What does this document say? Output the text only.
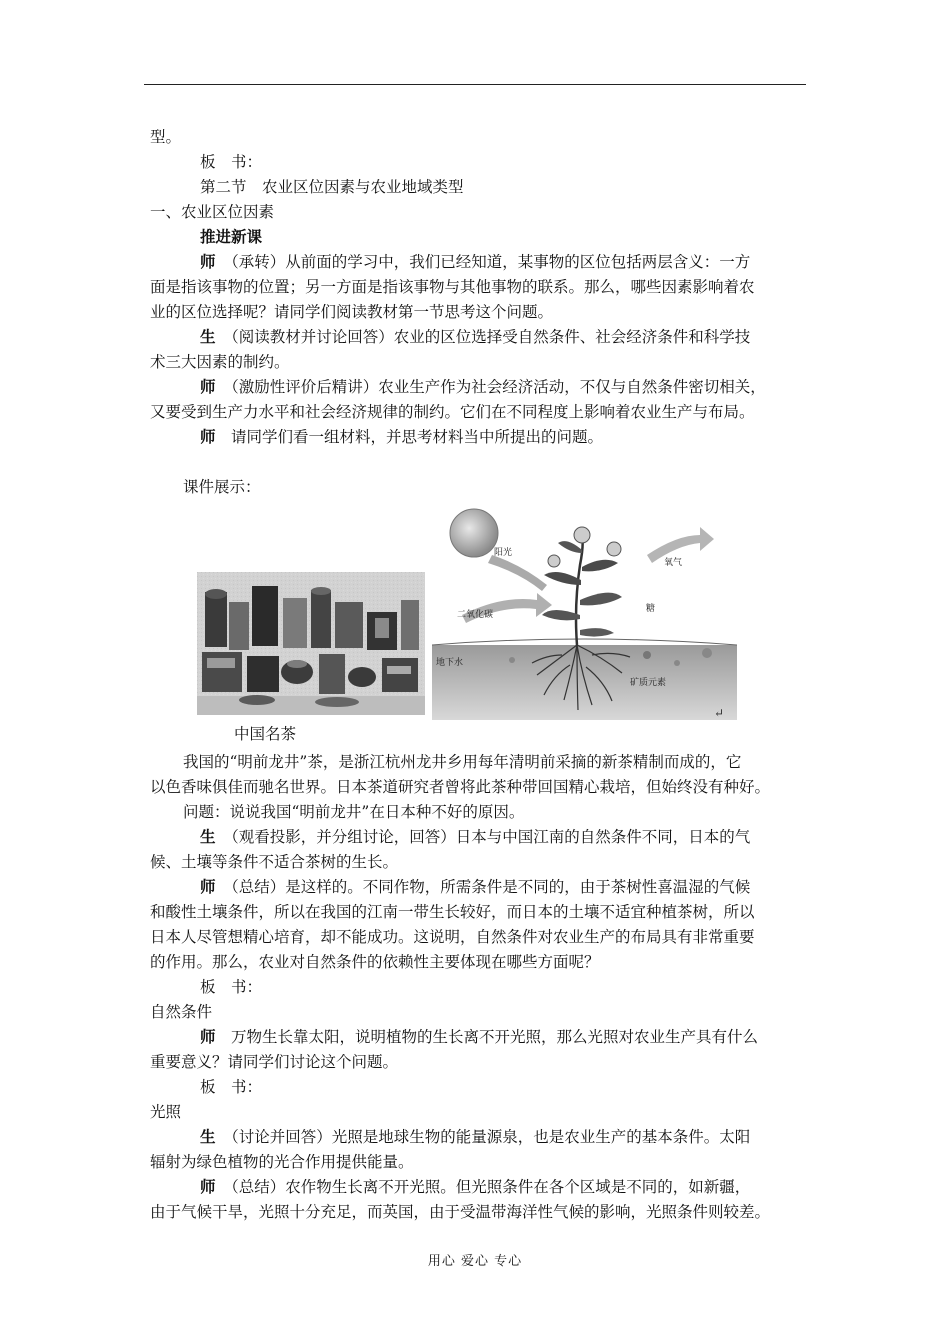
型。
板　书：
第二节　农业区位因素与农业地域类型
一、农业区位因素
推进新课
师　 （承转）从前面的学习中，我们已经知道，某事物的区位包括两层含义：一方
面是指该事物的位置；另一方面是指该事物与其他事物的联系。那么，哪些因素影响着农
业的区位选择呢？请同学们阅读教材第一节思考这个问题。
生　 （阅读教材并讨论回答）农业的区位选择受自然条件、社会经济条件和科学技
术三大因素的制约。
师　 （激励性评价后精讲）农业生产作为社会经济活动，不仅与自然条件密切相关，
又要受到生产力水平和社会经济规律的制约。它们在不同程度上影响着农业生产与布局。
师　 请同学们看一组材料，并思考材料当中所提出的问题。
课件展示：
阳光
氧气
二氧化碳
糖
地下水
矿质元素
中国名茶
↵
我国的“明前龙井”茶，是浙江杭州龙井乡用每年清明前采摘的新茶精制而成的，它
以色香味俱佳而驰名世界。日本茶道研究者曾将此茶种带回国精心栽培，但始终没有种好。
问题：说说我国“明前龙井”在日本种不好的原因。
生　 （观看投影，并分组讨论，回答）日本与中国江南的自然条件不同，日本的气
候、土壤等条件不适合茶树的生长。
师　 （总结）是这样的。不同作物，所需条件是不同的，由于茶树性喜温湿的气候
和酸性土壤条件，所以在我国的江南一带生长较好，而日本的土壤不适宜种植茶树，所以
日本人尽管想精心培育，却不能成功。这说明，自然条件对农业生产的布局具有非常重要
的作用。那么，农业对自然条件的依赖性主要体现在哪些方面呢？
板　书：
自然条件
师　 万物生长靠太阳，说明植物的生长离不开光照，那么光照对农业生产具有什么
重要意义？请同学们讨论这个问题。
板　书：
光照
生　 （讨论并回答）光照是地球生物的能量源泉，也是农业生产的基本条件。太阳
辐射为绿色植物的光合作用提供能量。
师　 （总结）农作物生长离不开光照。但光照条件在各个区域是不同的，如新疆，
由于气候干旱，光照十分充足，而英国，由于受温带海洋性气候的影响，光照条件则较差。
用心 爱心 专心
